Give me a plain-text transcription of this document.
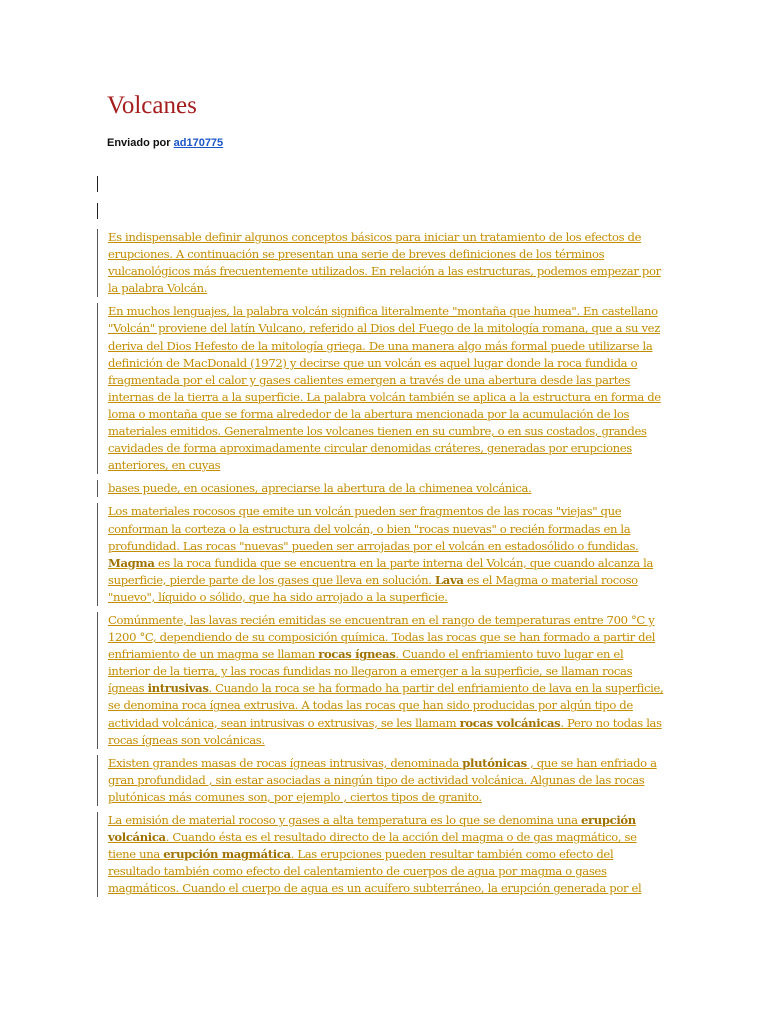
Volcanes
Enviado por ad170775

Es indispensable definir algunos conceptos básicos para iniciar un tratamiento de los efectos de erupciones. A continuación se presentan una serie de breves definiciones de los términos vulcanológicos más frecuentemente utilizados. En relación a las estructuras, podemos empezar por la palabra Volcán.

En muchos lenguajes, la palabra volcán significa literalmente "montaña que humea". En castellano "Volcán" proviene del latín Vulcano, referido al Dios del Fuego de la mitología romana, que a su vez deriva del Dios Hefesto de la mitología griega. De una manera algo más formal puede utilizarse la definición de MacDonald (1972) y decirse que un volcán es aquel lugar donde la roca fundida o fragmentada por el calor y gases calientes emergen a través de una abertura desde las partes internas de la tierra a la superficie. La palabra volcán también se aplica a la estructura en forma de loma o montaña que se forma alrededor de la abertura mencionada por la acumulación de los materiales emitidos. Generalmente los volcanes tienen en su cumbre, o en sus costados, grandes cavidades de forma aproximadamente circular denomidas cráteres, generadas por erupciones anteriores, en cuyas

bases puede, en ocasiones, apreciarse la abertura de la chimenea volcánica.

Los materiales rocosos que emite un volcán pueden ser fragmentos de las rocas "viejas" que conforman la corteza o la estructura del volcán, o bien "rocas nuevas" o recién formadas en la profundidad. Las rocas "nuevas" pueden ser arrojadas por el volcán en estadosólido o fundidas. Magma es la roca fundida que se encuentra en la parte interna del Volcán, que cuando alcanza la superficie, pierde parte de los gases que lleva en solución. Lava es el Magma o material rocoso "nuevo", líquido o sólido, que ha sido arrojado a la superficie.

Comúnmente, las lavas recién emitidas se encuentran en el rango de temperaturas entre 700 °C y 1200 °C, dependiendo de su composición química. Todas las rocas que se han formado a partir del enfriamiento de un magma se llaman rocas ígneas. Cuando el enfriamiento tuvo lugar en el interior de la tierra, y las rocas fundidas no llegaron a emerger a la superficie, se llaman rocas ígneas intrusivas. Cuando la roca se ha formado ha partir del enfriamiento de lava en la superficie, se denomina roca ígnea extrusiva. A todas las rocas que han sido producidas por algún tipo de actividad volcánica, sean intrusivas o extrusivas, se les llamam rocas volcánicas. Pero no todas las rocas ígneas son volcánicas.

Existen grandes masas de rocas ígneas intrusivas, denominada plutónicas , que se han enfriado a gran profundidad , sin estar asociadas a ningún tipo de actividad volcánica. Algunas de las rocas plutónicas más comunes son, por ejemplo , ciertos tipos de granito.

La emisión de material rocoso y gases a alta temperatura es lo que se denomina una erupción volcánica. Cuando ésta es el resultado directo de la acción del magma o de gas magmático, se tiene una erupción magmática. Las erupciones pueden resultar también como efecto del resultado también como efecto del calentamiento de cuerpos de agua por magma o gases magmáticos. Cuando el cuerpo de agua es un acuífero subterráneo, la erupción generada por el
